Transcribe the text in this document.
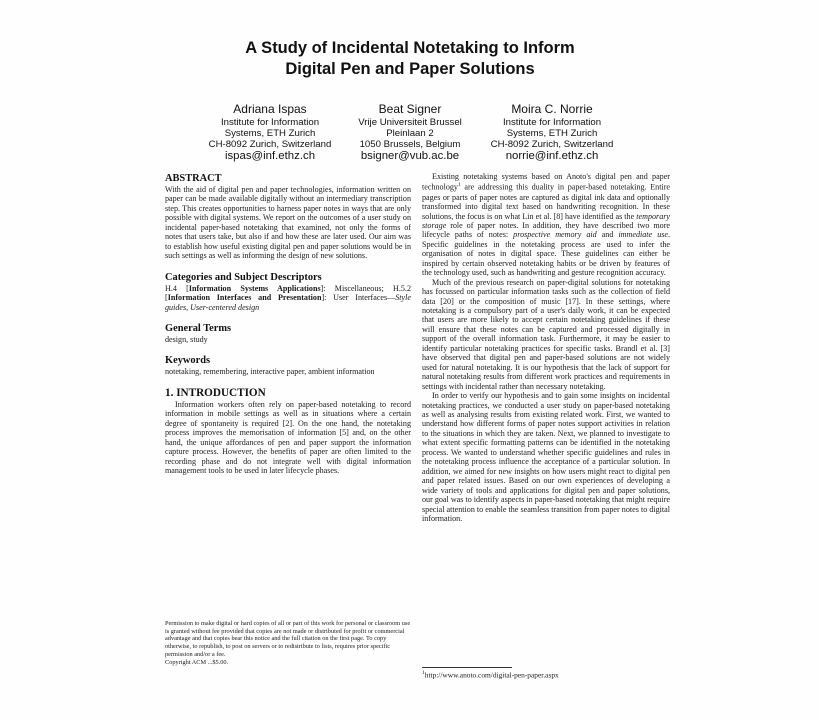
A Study of Incidental Notetaking to Inform
Digital Pen and Paper Solutions
Adriana Ispas
Institute for Information
Systems, ETH Zurich
CH-8092 Zurich, Switzerland
ispas@inf.ethz.ch
Beat Signer
Vrije Universiteit Brussel
Pleinlaan 2
1050 Brussels, Belgium
bsigner@vub.ac.be
Moira C. Norrie
Institute for Information
Systems, ETH Zurich
CH-8092 Zurich, Switzerland
norrie@inf.ethz.ch
ABSTRACT

With the aid of digital pen and paper technologies, information written on paper can be made available digitally without an intermediary transcription step. This creates opportunities to harness paper notes in ways that are only possible with digital systems. We report on the outcomes of a user study on incidental paper-based notetaking that examined, not only the forms of notes that users take, but also if and how these are later used. Our aim was to establish how useful existing digital pen and paper solutions would be in such settings as well as informing the design of new solutions.

Categories and Subject Descriptors

H.4 [Information Systems Applications]: Miscellaneous; H.5.2 [Information Interfaces and Presentation]: User Interfaces—Style guides, User-centered design

General Terms

design, study

Keywords

notetaking, remembering, interactive paper, ambient information

1. INTRODUCTION

Information workers often rely on paper-based notetaking to record information in mobile settings as well as in situations where a certain degree of spontaneity is required [2]. On the one hand, the notetaking process improves the memorisation of information [5] and, on the other hand, the unique affordances of pen and paper support the information capture process. However, the benefits of paper are often limited to the recording phase and do not integrate well with digital information management tools to be used in later lifecycle phases.

Permission to make digital or hard copies of all or part of this work for personal or classroom use is granted without fee provided that copies are not made or distributed for profit or commercial advantage and that copies bear this notice and the full citation on the first page. To copy otherwise, to republish, to post on servers or to redistribute to lists, requires prior specific permission and/or a fee.

Copyright ACM ...$5.00.

Existing notetaking systems based on Anoto's digital pen and paper technology$^1$ are addressing this duality in paper-based notetaking. Entire pages or parts of paper notes are captured as digital ink data and optionally transformed into digital text based on handwriting recognition. In these solutions, the focus is on what Lin et al. [8] have identified as the temporary storage role of paper notes. In addition, they have described two more lifecycle paths of notes: prospective memory aid and immediate use. Specific guidelines in the notetaking process are used to infer the organisation of notes in digital space. These guidelines can either be inspired by certain observed notetaking habits or be driven by features of the technology used, such as handwriting and gesture recognition accuracy.

Much of the previous research on paper-digital solutions for notetaking has focussed on particular information tasks such as the collection of field data [20] or the composition of music [17]. In these settings, where notetaking is a compulsory part of a user's daily work, it can be expected that users are more likely to accept certain notetaking guidelines if these will ensure that these notes can be captured and processed digitally in support of the overall information task. Furthermore, it may be easier to identify particular notetaking practices for specific tasks. Brandl et al. [3] have observed that digital pen and paper-based solutions are not widely used for natural notetaking. It is our hypothesis that the lack of support for natural notetaking results from different work practices and requirements in settings with incidental rather than necessary notetaking.

In order to verify our hypothesis and to gain some insights on incidental notetaking practices, we conducted a user study on paper-based notetaking as well as analysing results from existing related work. First, we wanted to understand how different forms of paper notes support activities in relation to the situations in which they are taken. Next, we planned to investigate to what extent specific formatting patterns can be identified in the notetaking process. We wanted to understand whether specific guidelines and rules in the notetaking process influence the acceptance of a particular solution. In addition, we aimed for new insights on how users might react to digital pen and paper related issues. Based on our own experiences of developing a wide variety of tools and applications for digital pen and paper solutions, our goal was to identify aspects in paper-based notetaking that might require special attention to enable the seamless transition from paper notes to digital information.

$^1$http://www.anoto.com/digital-pen-paper.aspx
